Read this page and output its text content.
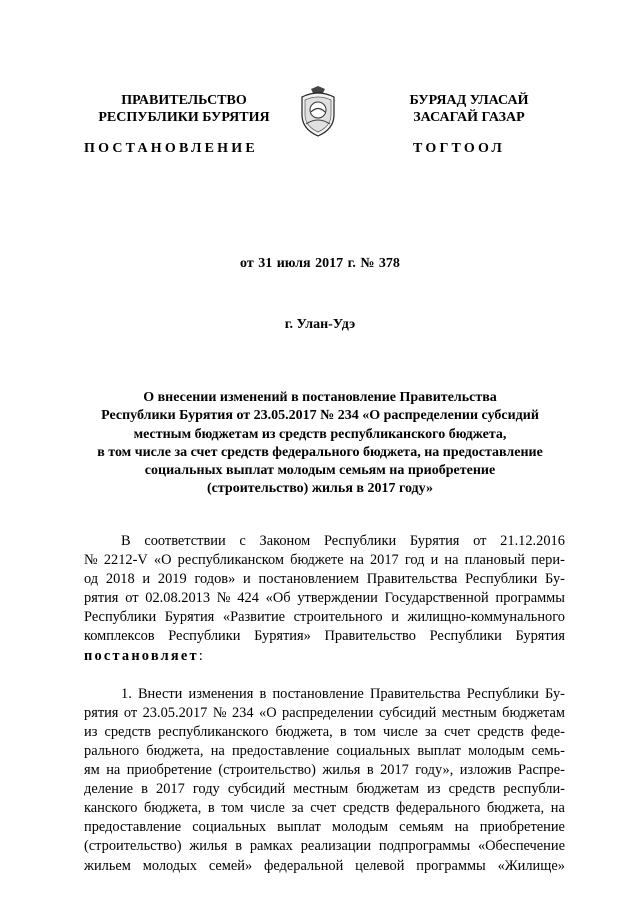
ПРАВИТЕЛЬСТВО
РЕСПУБЛИКИ БУРЯТИЯ
ПОСТАНОВЛЕНИЕ
БУРЯАД УЛАСАЙ
ЗАСАГАЙ ГАЗАР
ТОГТООЛ
от 31 июля 2017 г. № 378
г. Улан-Удэ
О внесении изменений в постановление Правительства
Республики Бурятия от 23.05.2017 № 234 «О распределении субсидий
местным бюджетам из средств республиканского бюджета,
в том числе за счет средств федерального бюджета, на предоставление
социальных выплат молодым семьям на приобретение
(строительство) жилья в 2017 году»
В соответствии с Законом Республики Бурятия от 21.12.2016
№ 2212-V «О республиканском бюджете на 2017 год и на плановый пери-
од 2018 и 2019 годов» и постановлением Правительства Республики Бу-
рятия от 02.08.2013 № 424 «Об утверждении Государственной программы
Республики Бурятия «Развитие строительного и жилищно-коммунального
комплексов Республики Бурятия» Правительство Республики Бурятия
постановляет :
1. Внести изменения в постановление Правительства Республики Бу-
рятия от 23.05.2017 № 234 «О распределении субсидий местным бюджетам
из средств республиканского бюджета, в том числе за счет средств феде-
рального бюджета, на предоставление социальных выплат молодым семь-
ям на приобретение (строительство) жилья в 2017 году», изложив Распре-
деление в 2017 году субсидий местным бюджетам из средств республи-
канского бюджета, в том числе за счет средств федерального бюджета, на
предоставление социальных выплат молодым семьям на приобретение
(строительство) жилья в рамках реализации подпрограммы «Обеспечение
жильем молодых семей» федеральной целевой программы «Жилище»
